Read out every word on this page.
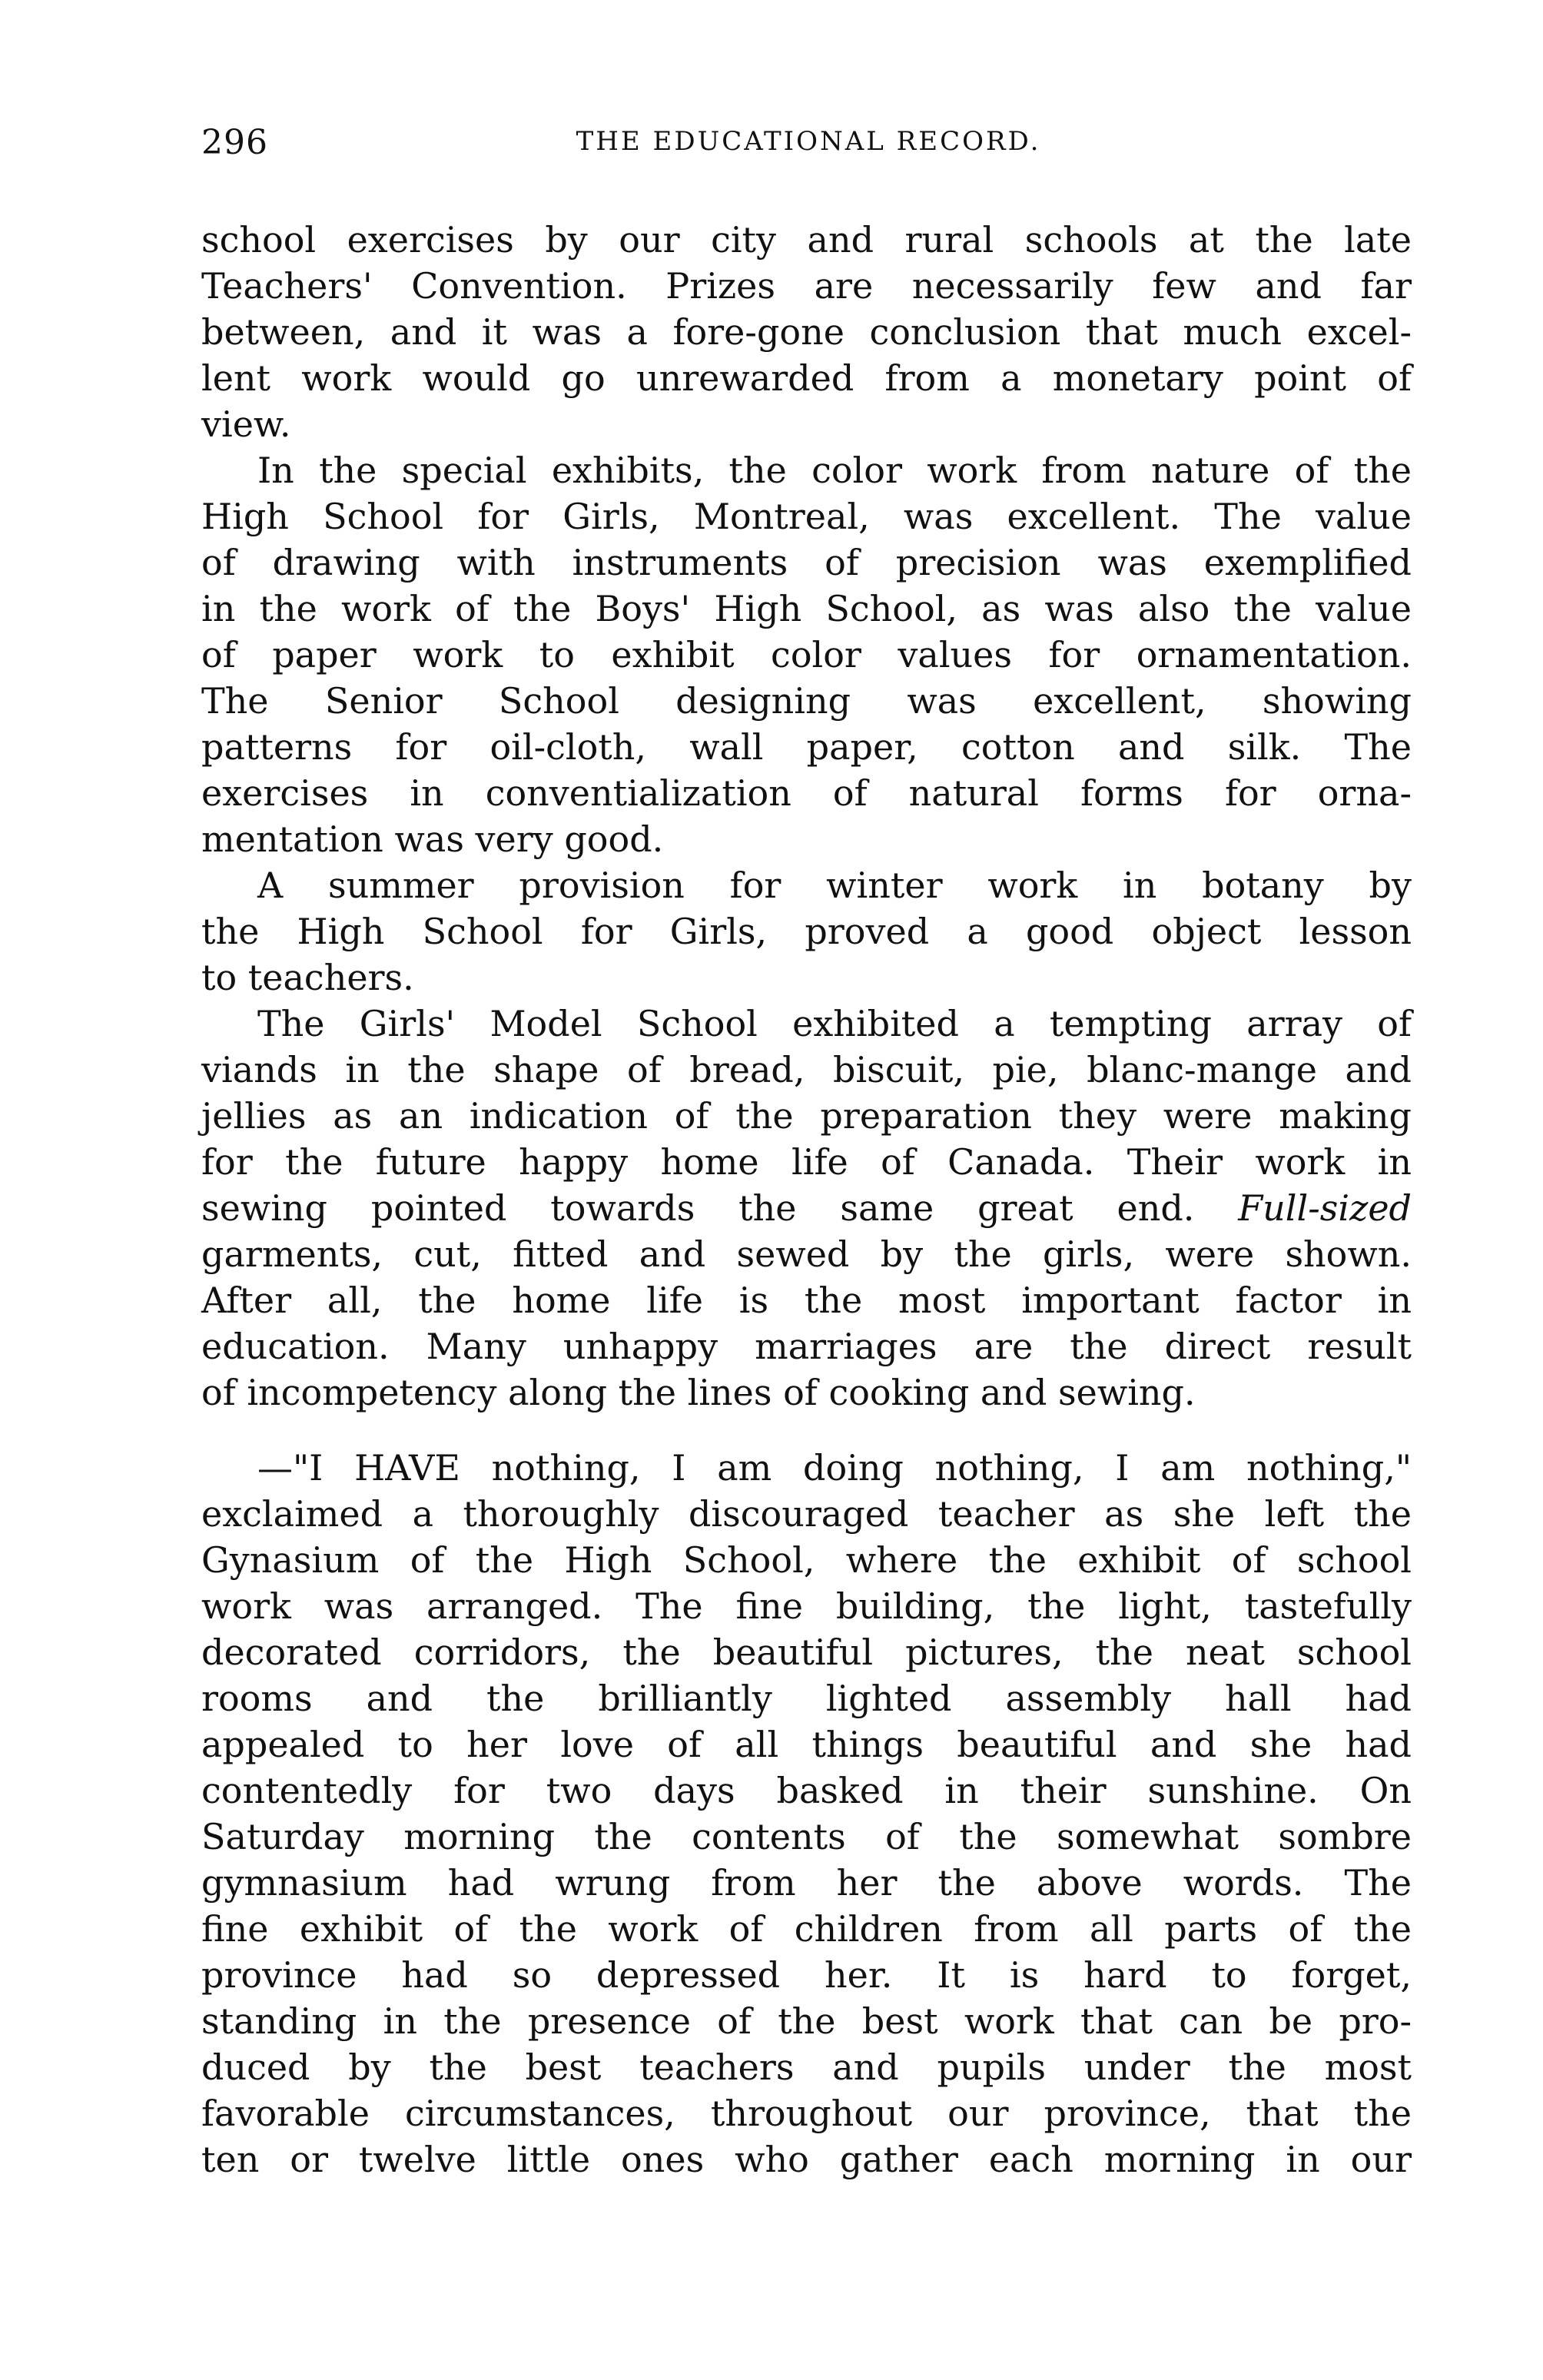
296	THE EDUCATIONAL RECORD.
school exercises by our city and rural schools at the late
Teachers' Convention. Prizes are necessarily few and far
between, and it was a fore-gone conclusion that much excel-
lent work would go unrewarded from a monetary point of
view.
In the special exhibits, the color work from nature of the
High School for Girls, Montreal, was excellent. The value
of drawing with instruments of precision was exemplified
in the work of the Boys' High School, as was also the value
of paper work to exhibit color values for ornamentation.
The Senior School designing was excellent, showing
patterns for oil-cloth, wall paper, cotton and silk. The
exercises in conventialization of natural forms for orna-
mentation was very good.
A summer provision for winter work in botany by
the High School for Girls, proved a good object lesson
to teachers.
The Girls' Model School exhibited a tempting array of
viands in the shape of bread, biscuit, pie, blanc-mange and
jellies as an indication of the preparation they were making
for the future happy home life of Canada. Their work in
sewing pointed towards the same great end. Full-sized
garments, cut, fitted and sewed by the girls, were shown.
After all, the home life is the most important factor in
education. Many unhappy marriages are the direct result
of incompetency along the lines of cooking and sewing.
—"I HAVE nothing, I am doing nothing, I am nothing,"
exclaimed a thoroughly discouraged teacher as she left the
Gynasium of the High School, where the exhibit of school
work was arranged. The fine building, the light, tastefully
decorated corridors, the beautiful pictures, the neat school
rooms and the brilliantly lighted assembly hall had
appealed to her love of all things beautiful and she had
contentedly for two days basked in their sunshine. On
Saturday morning the contents of the somewhat sombre
gymnasium had wrung from her the above words. The
fine exhibit of the work of children from all parts of the
province had so depressed her. It is hard to forget,
standing in the presence of the best work that can be pro-
duced by the best teachers and pupils under the most
favorable circumstances, throughout our province, that the
ten or twelve little ones who gather each morning in our
